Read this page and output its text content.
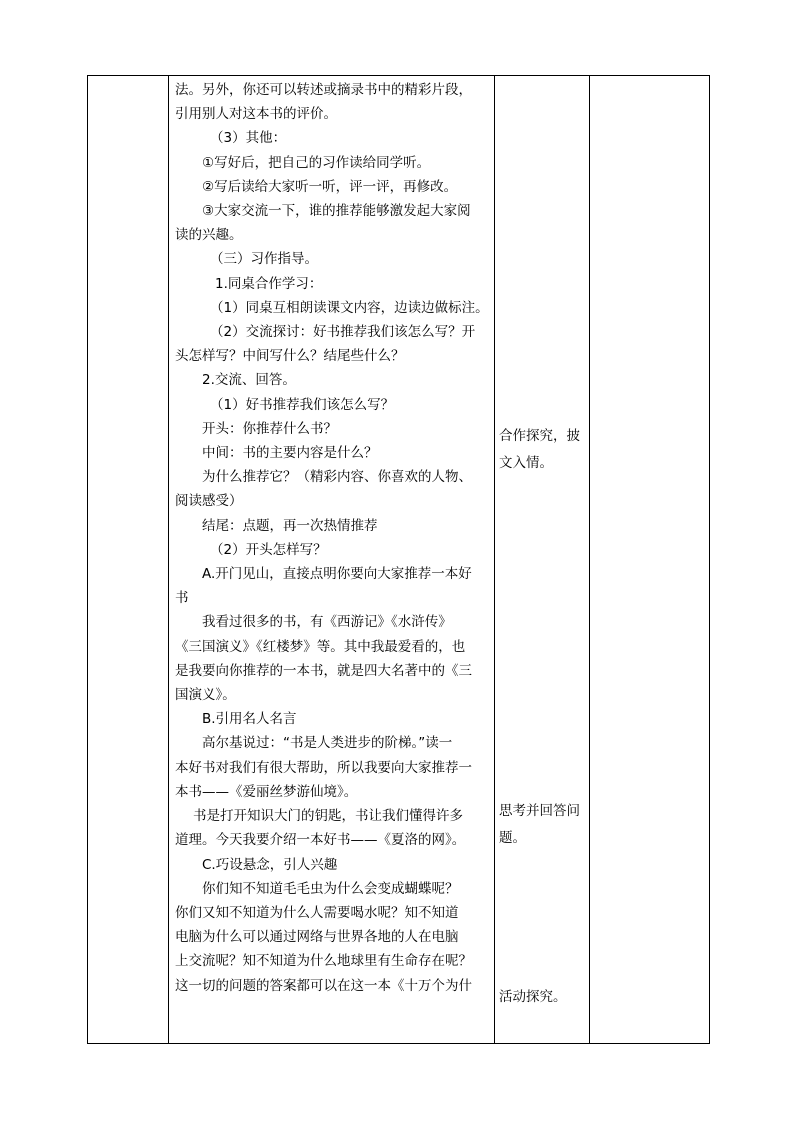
法。另外，你还可以转述或摘录书中的精彩片段，

引用别人对这本书的评价。

（3）其他：

①写好后，把自己的习作读给同学听。

②写后读给大家听一听，评一评，再修改。

③大家交流一下，谁的推荐能够激发起大家阅

读的兴趣。

（三）习作指导。

1.同桌合作学习：

（1）同桌互相朗读课文内容，边读边做标注。

（2）交流探讨：好书推荐我们该怎么写？开

头怎样写？中间写什么？结尾些什么？

2.交流、回答。

（1）好书推荐我们该怎么写？

开头：你推荐什么书？

中间：书的主要内容是什么？

为什么推荐它？（精彩内容、你喜欢的人物、

阅读感受）

结尾：点题，再一次热情推荐

（2）开头怎样写？

A.开门见山，直接点明你要向大家推荐一本好

书

我看过很多的书，有《西游记》《水浒传》

《三国演义》《红楼梦》等。其中我最爱看的，也

是我要向你推荐的一本书，就是四大名著中的《三

国演义》。

B.引用名人名言

高尔基说过：“书是人类进步的阶梯。”读一

本好书对我们有很大帮助，所以我要向大家推荐一

本书——《爱丽丝梦游仙境》。

书是打开知识大门的钥匙，书让我们懂得许多

道理。今天我要介绍一本好书——《夏洛的网》。

C.巧设悬念，引人兴趣

你们知不知道毛毛虫为什么会变成蝴蝶呢？

你们又知不知道为什么人需要喝水呢？知不知道

电脑为什么可以通过网络与世界各地的人在电脑

上交流呢？知不知道为什么地球里有生命存在呢？

这一切的问题的答案都可以在这一本《十万个为什

合作探究，披
文入情。
思考并回答问
题。
活动探究。
